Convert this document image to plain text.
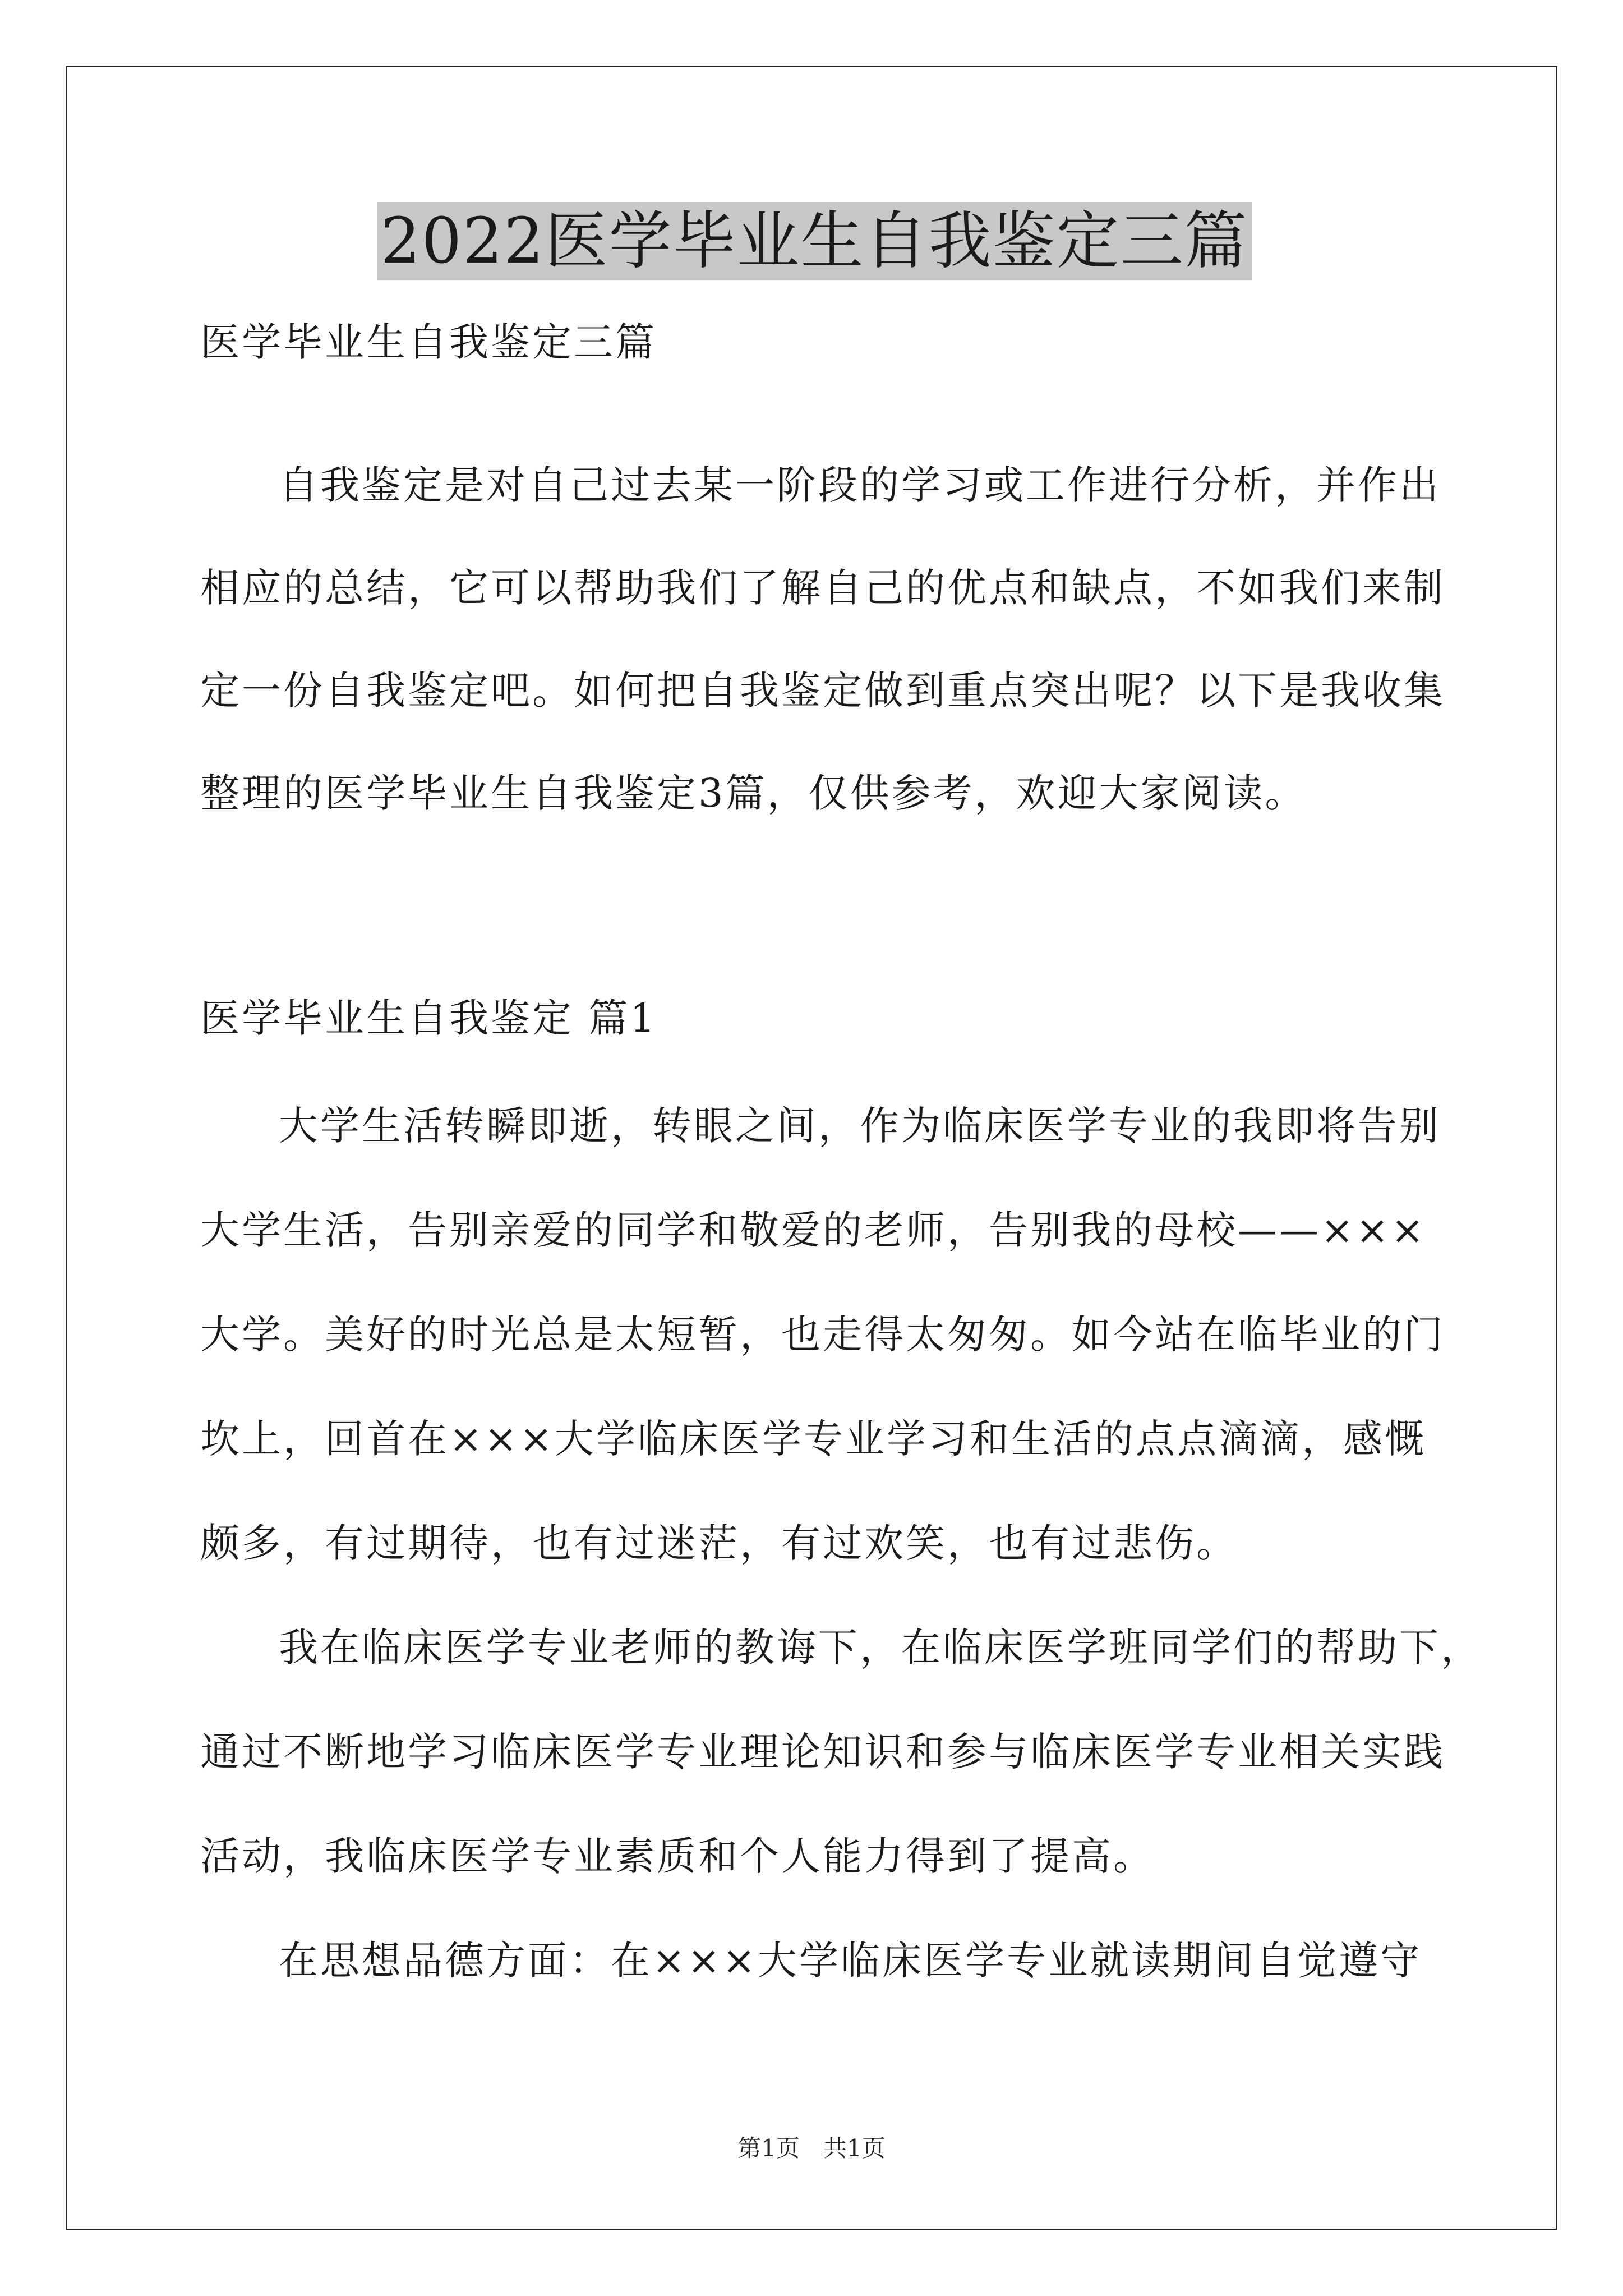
2022医学毕业生自我鉴定三篇
医学毕业生自我鉴定三篇
自我鉴定是对自己过去某一阶段的学习或工作进行分析，并作出
相应的总结，它可以帮助我们了解自己的优点和缺点，不如我们来制
定一份自我鉴定吧。如何把自我鉴定做到重点突出呢？以下是我收集
整理的医学毕业生自我鉴定3篇，仅供参考，欢迎大家阅读。
医学毕业生自我鉴定 篇1
大学生活转瞬即逝，转眼之间，作为临床医学专业的我即将告别
大学生活，告别亲爱的同学和敬爱的老师，告别我的母校——×××
大学。美好的时光总是太短暂，也走得太匆匆。如今站在临毕业的门
坎上，回首在×××大学临床医学专业学习和生活的点点滴滴，感慨
颇多，有过期待，也有过迷茫，有过欢笑，也有过悲伤。
我在临床医学专业老师的教诲下，在临床医学班同学们的帮助下，
通过不断地学习临床医学专业理论知识和参与临床医学专业相关实践
活动，我临床医学专业素质和个人能力得到了提高。
在思想品德方面：在×××大学临床医学专业就读期间自觉遵守
第1页　共1页
